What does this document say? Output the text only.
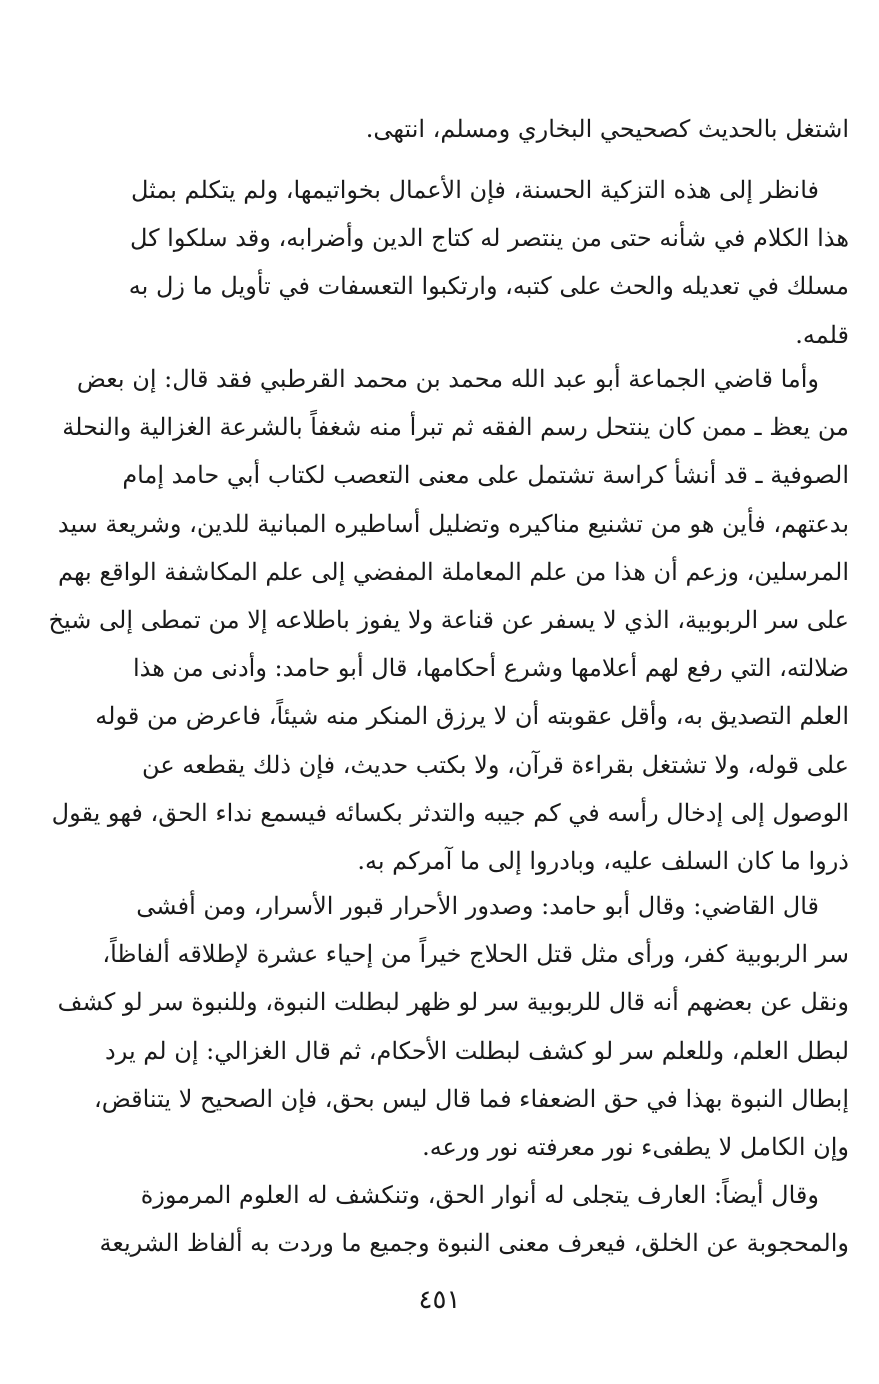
اشتغل بالحديث كصحيحي البخاري ومسلم، انتهى.

فانظر إلى هذه التزكية الحسنة، فإن الأعمال بخواتيمها، ولم يتكلم بمثل
هذا الكلام في شأنه حتى من ينتصر له كتاج الدين وأضرابه، وقد سلكوا كل
مسلك في تعديله والحث على كتبه، وارتكبوا التعسفات في تأويل ما زل به
قلمه.

وأما قاضي الجماعة أبو عبد الله محمد بن محمد القرطبي فقد قال: إن بعض
من يعظ ـ ممن كان ينتحل رسم الفقه ثم تبرأ منه شغفاً بالشرعة الغزالية والنحلة
الصوفية ـ قد أنشأ كراسة تشتمل على معنى التعصب لكتاب أبي حامد إمام
بدعتهم، فأين هو من تشنيع مناكيره وتضليل أساطيره المبانية للدين، وشريعة سيد
المرسلين، وزعم أن هذا من علم المعاملة المفضي إلى علم المكاشفة الواقع بهم
على سر الربوبية، الذي لا يسفر عن قناعة ولا يفوز باطلاعه إلا من تمطى إلى شيخ
ضلالته، التي رفع لهم أعلامها وشرع أحكامها، قال أبو حامد: وأدنى من هذا
العلم التصديق به، وأقل عقوبته أن لا يرزق المنكر منه شيئاً، فاعرض من قوله
على قوله، ولا تشتغل بقراءة قرآن، ولا بكتب حديث، فإن ذلك يقطعه عن
الوصول إلى إدخال رأسه في كم جيبه والتدثر بكسائه فيسمع نداء الحق، فهو يقول
ذروا ما كان السلف عليه، وبادروا إلى ما آمركم به.

قال القاضي: وقال أبو حامد: وصدور الأحرار قبور الأسرار، ومن أفشى
سر الربوبية كفر، ورأى مثل قتل الحلاج خيراً من إحياء عشرة لإطلاقه ألفاظاً،
ونقل عن بعضهم أنه قال للربوبية سر لو ظهر لبطلت النبوة، وللنبوة سر لو كشف
لبطل العلم، وللعلم سر لو كشف لبطلت الأحكام، ثم قال الغزالي: إن لم يرد
إبطال النبوة بهذا في حق الضعفاء فما قال ليس بحق، فإن الصحيح لا يتناقض،
وإن الكامل لا يطفىء نور معرفته نور ورعه.

وقال أيضاً: العارف يتجلى له أنوار الحق، وتنكشف له العلوم المرموزة
والمحجوبة عن الخلق، فيعرف معنى النبوة وجميع ما وردت به ألفاظ الشريعة

٤٥١
